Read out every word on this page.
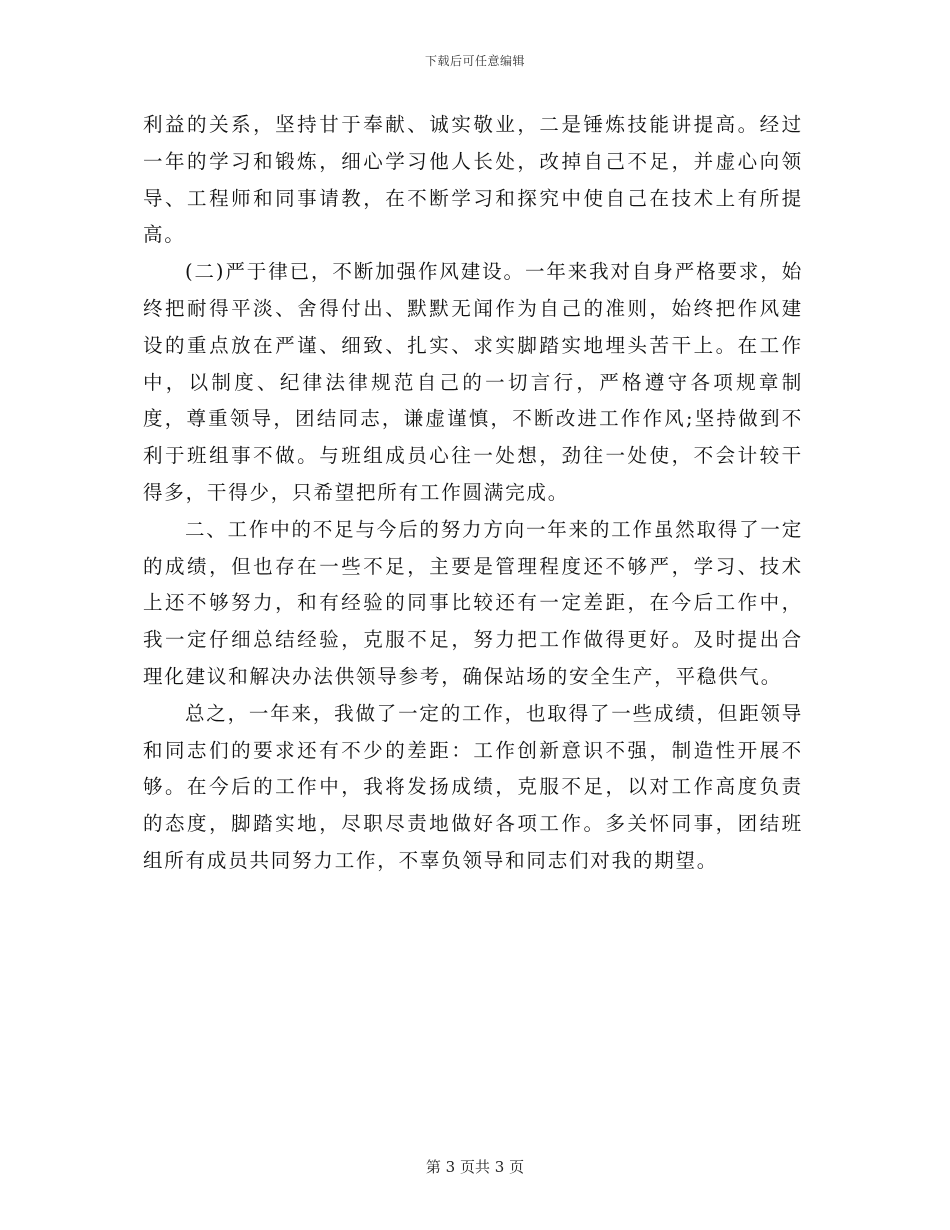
下载后可任意编辑

利益的关系，坚持甘于奉献、诚实敬业，二是锤炼技能讲提高。经过一年的学习和锻炼，细心学习他人长处，改掉自己不足，并虚心向领导、工程师和同事请教，在不断学习和探究中使自己在技术上有所提高。

(二)严于律已，不断加强作风建设。一年来我对自身严格要求，始终把耐得平淡、舍得付出、默默无闻作为自己的准则，始终把作风建设的重点放在严谨、细致、扎实、求实脚踏实地埋头苦干上。在工作中，以制度、纪律法律规范自己的一切言行，严格遵守各项规章制度，尊重领导，团结同志，谦虚谨慎，不断改进工作作风;坚持做到不利于班组事不做。与班组成员心往一处想，劲往一处使，不会计较干得多，干得少，只希望把所有工作圆满完成。

二、工作中的不足与今后的努力方向一年来的工作虽然取得了一定的成绩，但也存在一些不足，主要是管理程度还不够严，学习、技术上还不够努力，和有经验的同事比较还有一定差距，在今后工作中，我一定仔细总结经验，克服不足，努力把工作做得更好。及时提出合理化建议和解决办法供领导参考，确保站场的安全生产，平稳供气。

总之，一年来，我做了一定的工作，也取得了一些成绩，但距领导和同志们的要求还有不少的差距：工作创新意识不强，制造性开展不够。在今后的工作中，我将发扬成绩，克服不足，以对工作高度负责的态度，脚踏实地，尽职尽责地做好各项工作。多关怀同事，团结班组所有成员共同努力工作，不辜负领导和同志们对我的期望。

第 3 页共 3 页
